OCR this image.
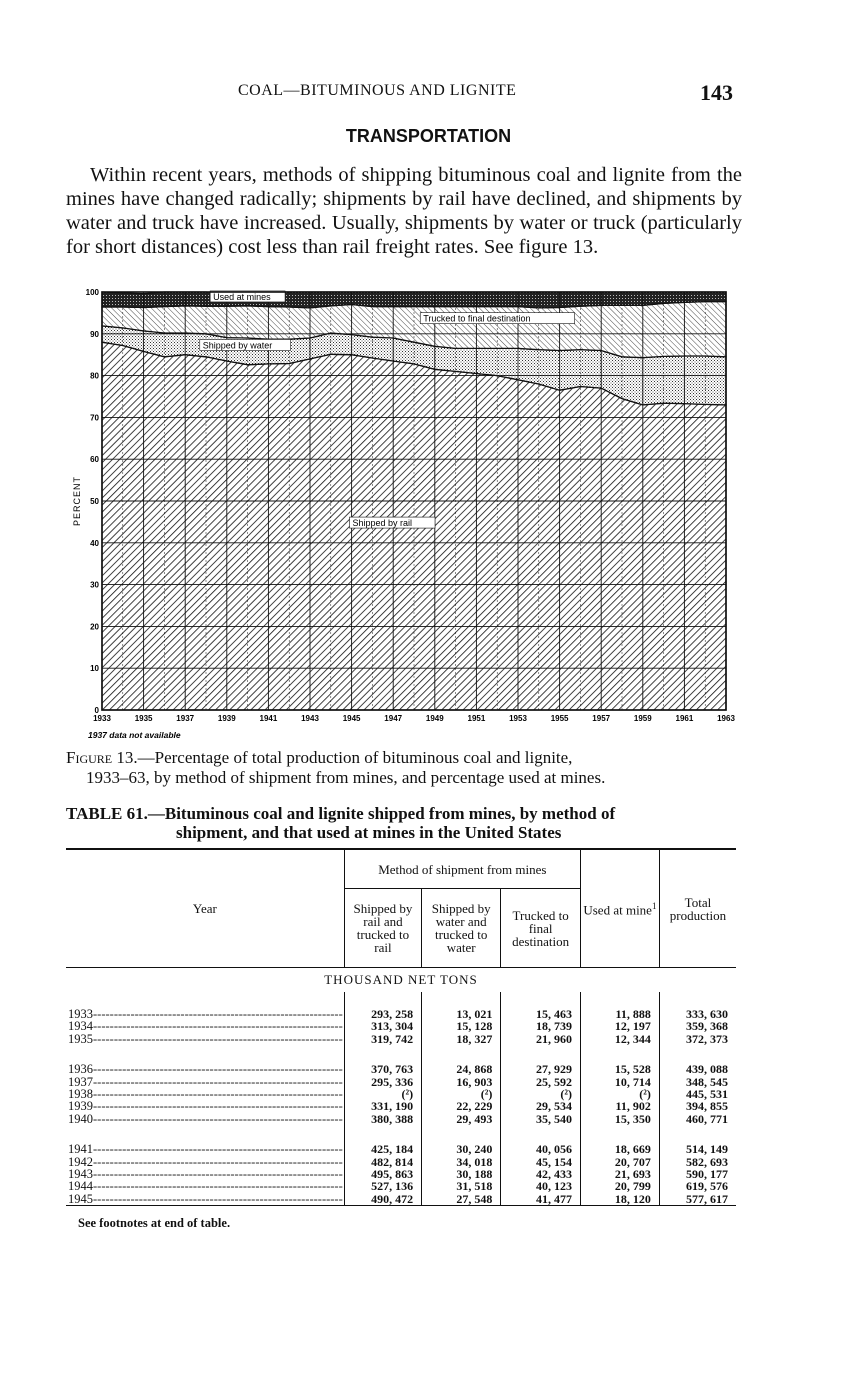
COAL—BITUMINOUS AND LIGNITE	143
TRANSPORTATION

Within recent years, methods of shipping bituminous coal and lignite from the mines have changed radically; shipments by rail have declined, and shipments by water and truck have increased. Usually, shipments by water or truck (particularly for short distances) cost less than rail freight rates. See figure 13.

Shipped by rail
Shipped by water
Trucked to final destination
Used at mines
0
10
20
30
40
50
60
70
80
90
100
1933	1935	1937	1939	1941	1943	1945	1947	1949	1951	1953	1955	1957	1959	1961	1963
PERCENT
1937 data not available

Figure 13.—Percentage of total production of bituminous coal and lignite,
1933–63, by method of shipment from mines, and percentage used at mines.

TABLE 61.—Bituminous coal and lignite shipped from mines, by method of
shipment, and that used at mines in the United States

Year	Method of shipment from mines			Used at mine$^1$	Total production
	Shipped by rail and trucked to rail	Shipped by water and trucked to water	Trucked to final destination		
THOUSAND NET TONS					
1933------------------------------------------------------------	293, 258	13, 021	15, 463	11, 888	333, 630
1934------------------------------------------------------------	313, 304	15, 128	18, 739	12, 197	359, 368
1935------------------------------------------------------------	319, 742	18, 327	21, 960	12, 344	372, 373
1936------------------------------------------------------------	370, 763	24, 868	27, 929	15, 528	439, 088
1937------------------------------------------------------------	295, 336	16, 903	25, 592	10, 714	348, 545
1938------------------------------------------------------------	(²)	(²)	(²)	(²)	445, 531
1939------------------------------------------------------------	331, 190	22, 229	29, 534	11, 902	394, 855
1940------------------------------------------------------------	380, 388	29, 493	35, 540	15, 350	460, 771
1941------------------------------------------------------------	425, 184	30, 240	40, 056	18, 669	514, 149
1942------------------------------------------------------------	482, 814	34, 018	45, 154	20, 707	582, 693
1943------------------------------------------------------------	495, 863	30, 188	42, 433	21, 693	590, 177
1944------------------------------------------------------------	527, 136	31, 518	40, 123	20, 799	619, 576
1945------------------------------------------------------------	490, 472	27, 548	41, 477	18, 120	577, 617

See footnotes at end of table.
